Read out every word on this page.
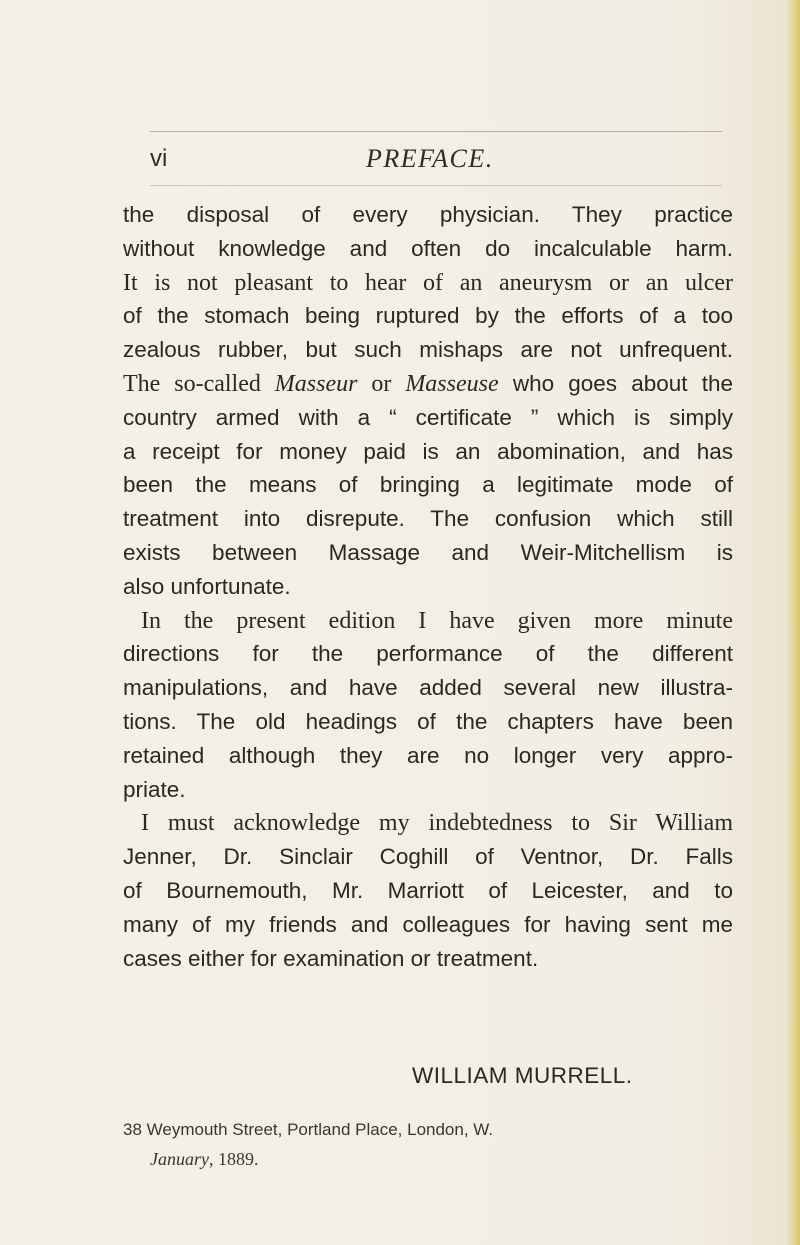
vi	PREFACE.
the disposal of every physician. They practice
without knowledge and often do incalculable harm.
It is not pleasant to hear of an aneurysm or an ulcer
of the stomach being ruptured by the efforts of a too
zealous rubber, but such mishaps are not unfrequent.
The so-called Masseur or Masseuse who goes about the
country armed with a “ certificate ” which is simply
a receipt for money paid is an abomination, and has
been the means of bringing a legitimate mode of
treatment into disrepute. The confusion which still
exists between Massage and Weir-Mitchellism is
also unfortunate.
In the present edition I have given more minute
directions for the performance of the different
manipulations, and have added several new illustra-
tions. The old headings of the chapters have been
retained although they are no longer very appro-
priate.
I must acknowledge my indebtedness to Sir William
Jenner, Dr. Sinclair Coghill of Ventnor, Dr. Falls
of Bournemouth, Mr. Marriott of Leicester, and to
many of my friends and colleagues for having sent me
cases either for examination or treatment.
WILLIAM MURRELL.
38 Weymouth Street, Portland Place, London, W.
January, 1889.
